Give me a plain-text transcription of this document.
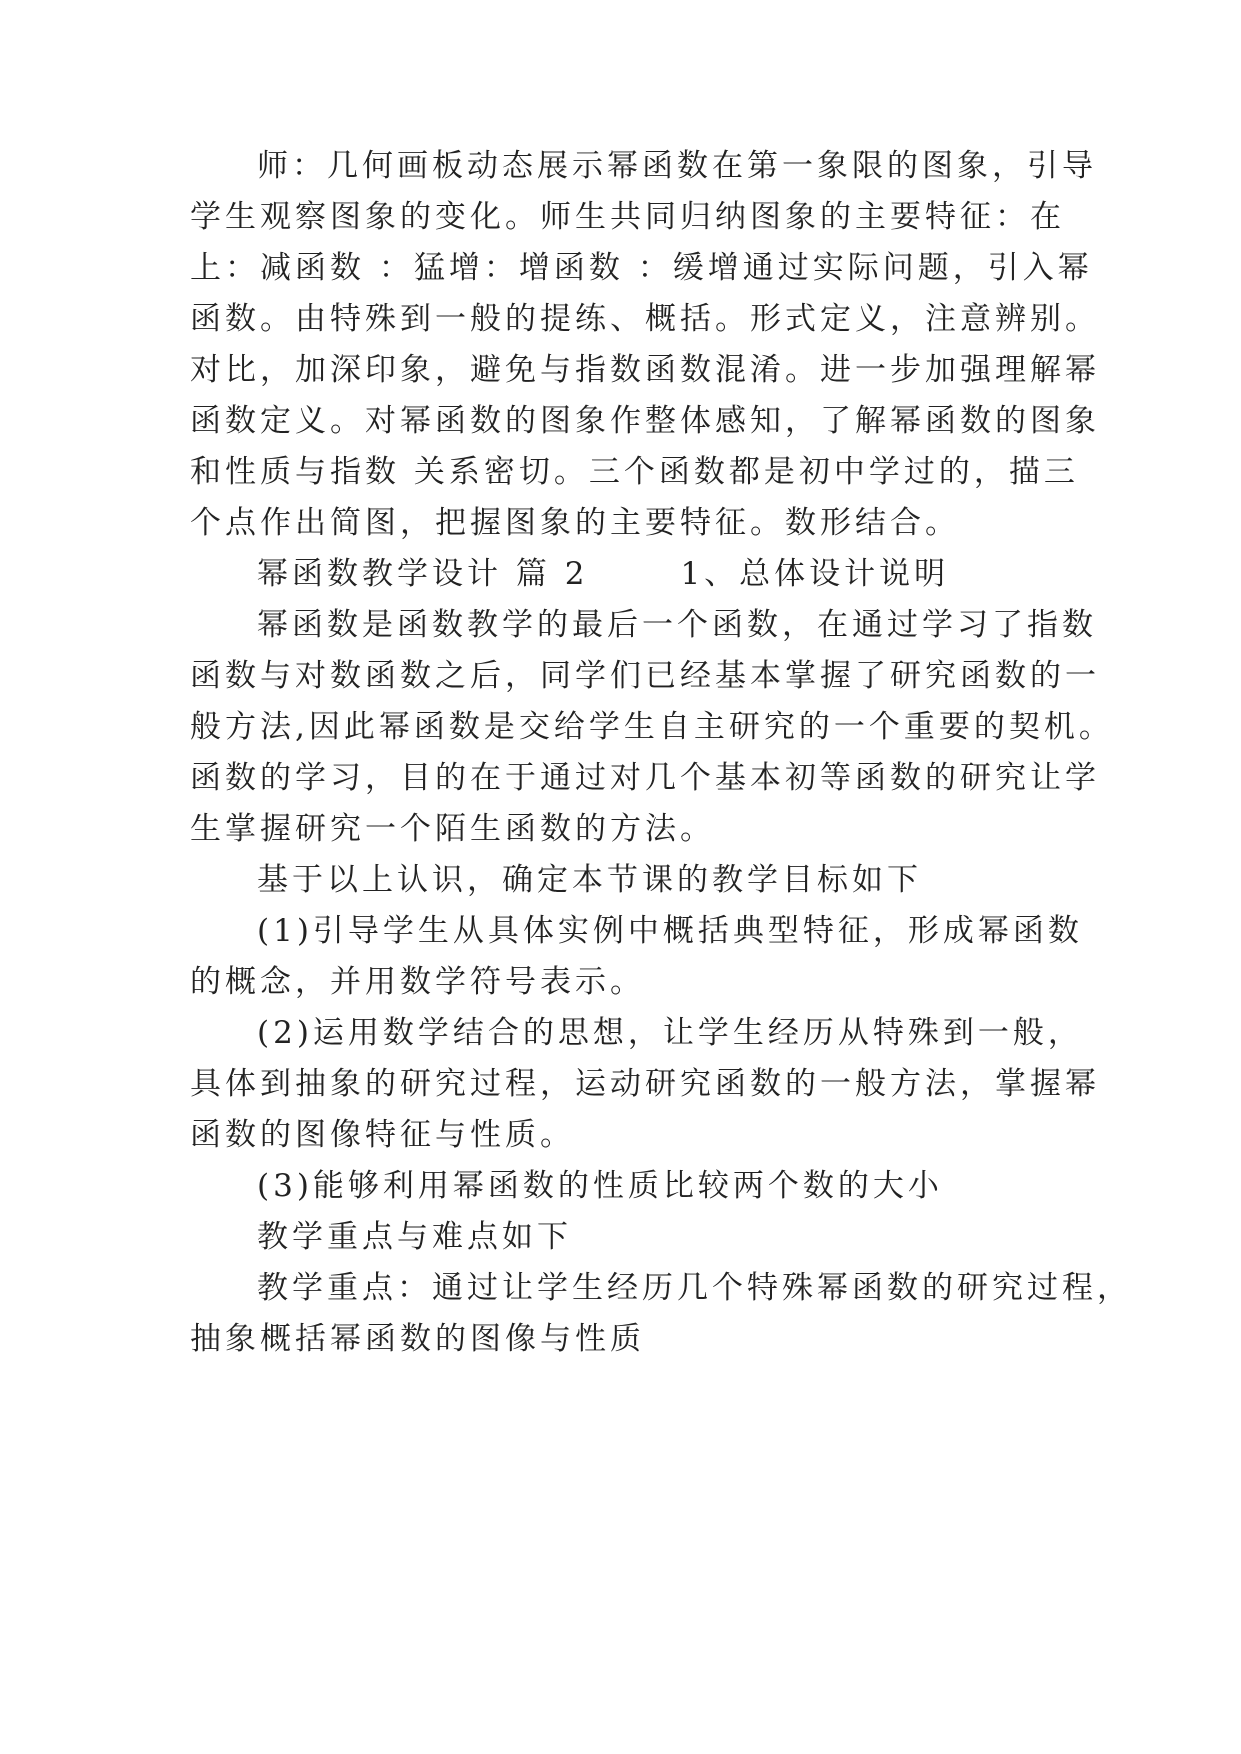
师：几何画板动态展示幂函数在第一象限的图象，引导
学生观察图象的变化。师生共同归纳图象的主要特征：在
上：减函数 ：猛增：增函数 ：缓增通过实际问题，引入幂
函数。由特殊到一般的提练、概括。形式定义，注意辨别。
对比，加深印象，避免与指数函数混淆。进一步加强理解幂
函数定义。对幂函数的图象作整体感知，了解幂函数的图象
和性质与指数 关系密切。三个函数都是初中学过的，描三
个点作出简图，把握图象的主要特征。数形结合。
幂函数教学设计 篇 2	1、总体设计说明
幂函数是函数教学的最后一个函数，在通过学习了指数
函数与对数函数之后，同学们已经基本掌握了研究函数的一
般方法,因此幂函数是交给学生自主研究的一个重要的契机。
函数的学习，目的在于通过对几个基本初等函数的研究让学
生掌握研究一个陌生函数的方法。
基于以上认识，确定本节课的教学目标如下
(1)引导学生从具体实例中概括典型特征，形成幂函数
的概念，并用数学符号表示。
(2)运用数学结合的思想，让学生经历从特殊到一般，
具体到抽象的研究过程，运动研究函数的一般方法，掌握幂
函数的图像特征与性质。
(3)能够利用幂函数的性质比较两个数的大小
教学重点与难点如下
教学重点：通过让学生经历几个特殊幂函数的研究过程，
抽象概括幂函数的图像与性质
